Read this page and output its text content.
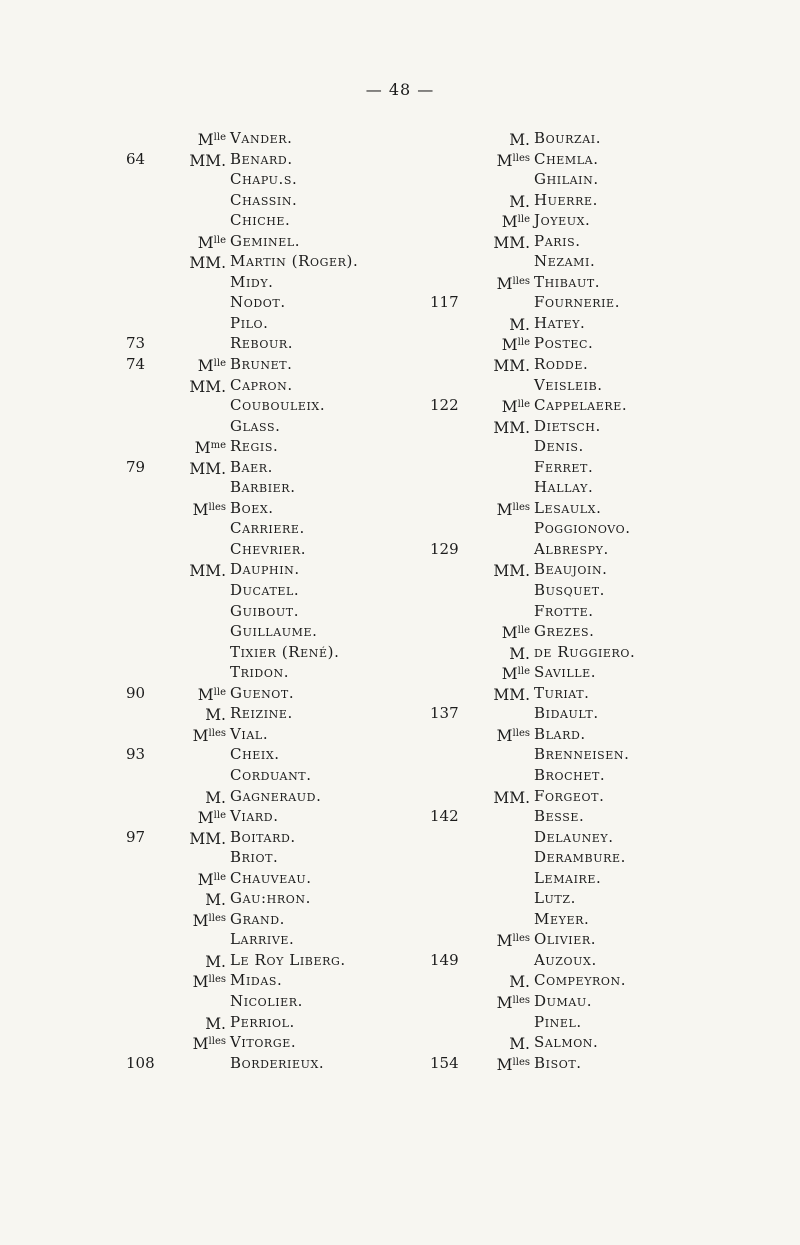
— 48 —
$M^{lle}$ Vander.
64	MM. Benard.
Chapu.s.
Chassin.
Chiche.
$M^{lle}$ Geminel.
MM. Martin (Roger).
Midy.
Nodot.
Pilo.
73	Rebour.
74	$M^{lle}$ Brunet.
MM. Capron.
Coubouleix.
Glass.
$M^{me}$ Regis.
79	MM. Baer.
Barbier.
$M^{lles}$ Boex.
Carriere.
Chevrier.
MM. Dauphin.
Ducatel.
Guibout.
Guillaume.
Tixier (René).
Tridon.
90	$M^{lle}$ Guenot.
M. Reizine.
$M^{lles}$ Vial.
93	Cheix.
Corduant.
M. Gagneraud.
$M^{lle}$ Viard.
97	MM. Boitard.
Briot.
$M^{lle}$ Chauveau.
M. Gau:hron.
$M^{lles}$ Grand.
Larrive.
M. Le Roy Liberg.
$M^{lles}$ Midas.
Nicolier.
M. Perriol.
$M^{lles}$ Vitorge.
108	Borderieux.
M. Bourzai.
$M^{lles}$ Chemla.
Ghilain.
M. Huerre.
$M^{lle}$ Joyeux.
MM. Paris.
Nezami.
$M^{lles}$ Thibaut.
117	Fournerie.
M. Hatey.
$M^{lle}$ Postec.
MM. Rodde.
Veisleib.
122	$M^{lle}$ Cappelaere.
MM. Dietsch.
Denis.
Ferret.
Hallay.
$M^{lles}$ Lesaulx.
Poggionovo.
129	Albrespy.
MM. Beaujoin.
Busquet.
Frotte.
$M^{lle}$ Grezes.
M. de Ruggiero.
$M^{lle}$ Saville.
MM. Turiat.
137	Bidault.
$M^{lles}$ Blard.
Brenneisen.
Brochet.
MM. Forgeot.
142	Besse.
Delauney.
Derambure.
Lemaire.
Lutz.
Meyer.
$M^{lles}$ Olivier.
149	Auzoux.
M. Compeyron.
$M^{lles}$ Dumau.
Pinel.
M. Salmon.
154	$M^{lles}$ Bisot.
